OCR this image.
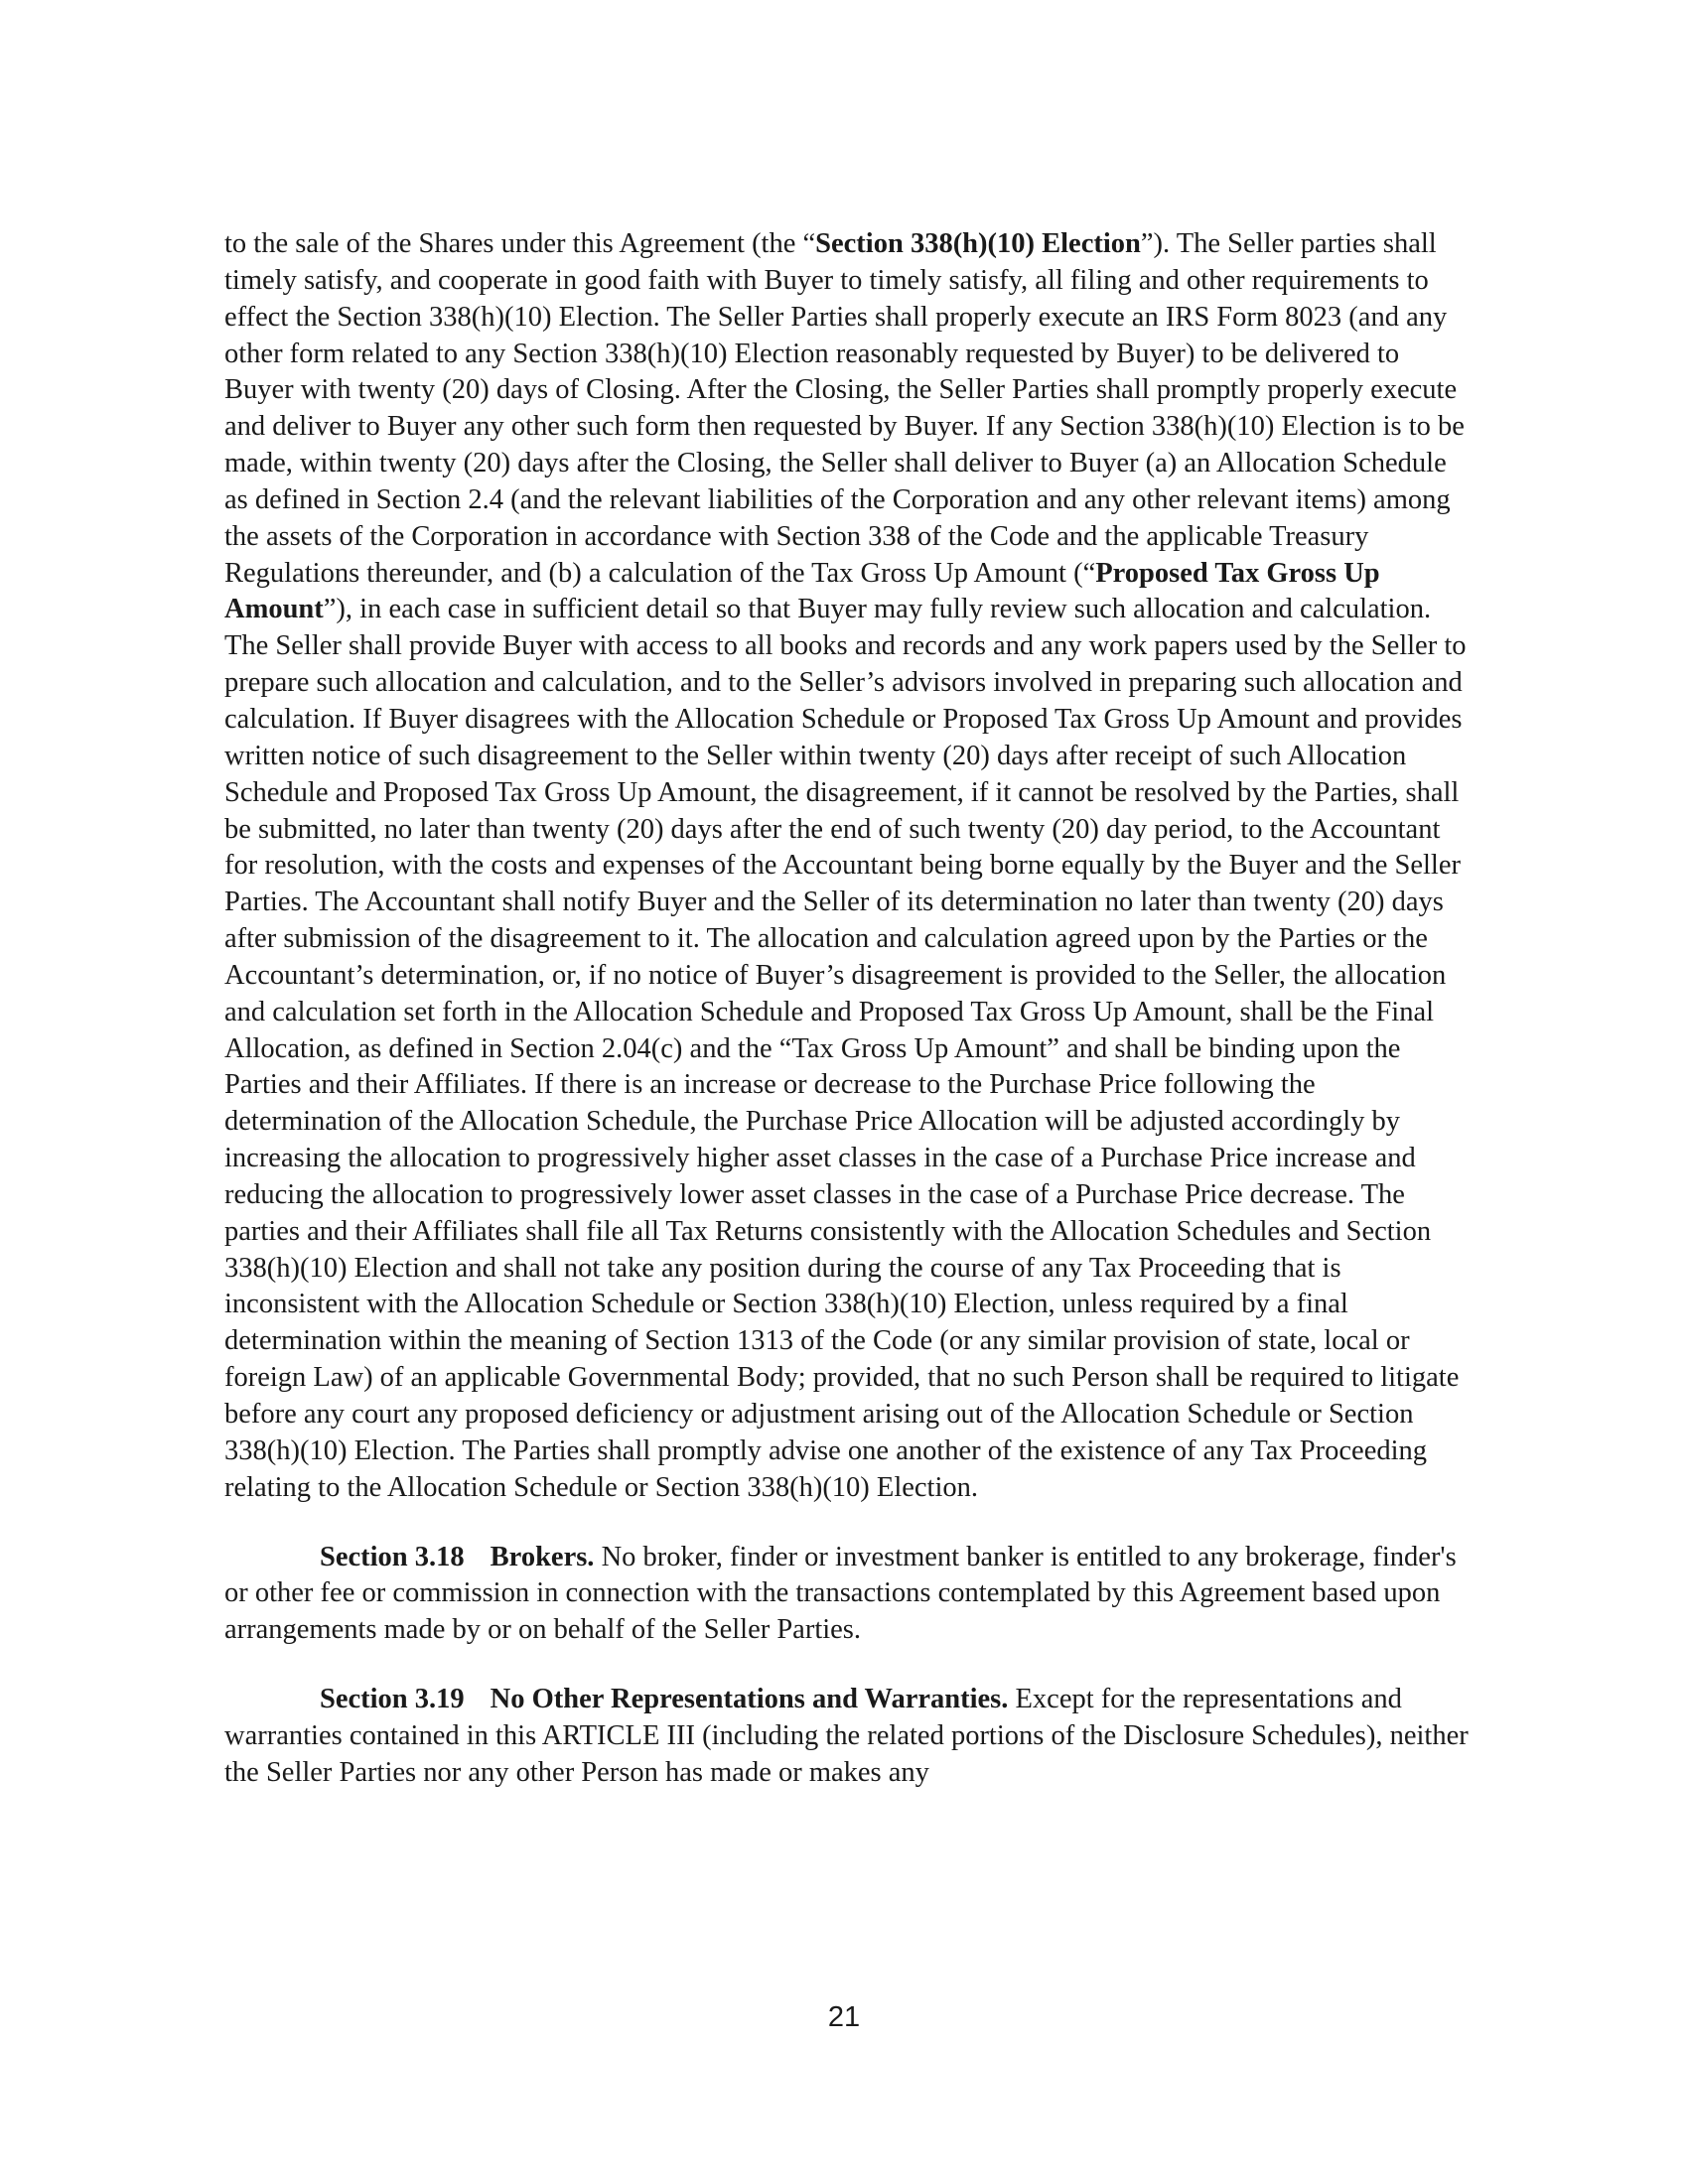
to the sale of the Shares under this Agreement (the “Section 338(h)(10) Election”). The Seller parties shall timely satisfy, and cooperate in good faith with Buyer to timely satisfy, all filing and other requirements to effect the Section 338(h)(10) Election. The Seller Parties shall properly execute an IRS Form 8023 (and any other form related to any Section 338(h)(10) Election reasonably requested by Buyer) to be delivered to Buyer with twenty (20) days of Closing. After the Closing, the Seller Parties shall promptly properly execute and deliver to Buyer any other such form then requested by Buyer. If any Section 338(h)(10) Election is to be made, within twenty (20) days after the Closing, the Seller shall deliver to Buyer (a) an Allocation Schedule as defined in Section 2.4 (and the relevant liabilities of the Corporation and any other relevant items) among the assets of the Corporation in accordance with Section 338 of the Code and the applicable Treasury Regulations thereunder, and (b) a calculation of the Tax Gross Up Amount (“Proposed Tax Gross Up Amount”), in each case in sufficient detail so that Buyer may fully review such allocation and calculation. The Seller shall provide Buyer with access to all books and records and any work papers used by the Seller to prepare such allocation and calculation, and to the Seller’s advisors involved in preparing such allocation and calculation. If Buyer disagrees with the Allocation Schedule or Proposed Tax Gross Up Amount and provides written notice of such disagreement to the Seller within twenty (20) days after receipt of such Allocation Schedule and Proposed Tax Gross Up Amount, the disagreement, if it cannot be resolved by the Parties, shall be submitted, no later than twenty (20) days after the end of such twenty (20) day period, to the Accountant for resolution, with the costs and expenses of the Accountant being borne equally by the Buyer and the Seller Parties. The Accountant shall notify Buyer and the Seller of its determination no later than twenty (20) days after submission of the disagreement to it. The allocation and calculation agreed upon by the Parties or the Accountant’s determination, or, if no notice of Buyer’s disagreement is provided to the Seller, the allocation and calculation set forth in the Allocation Schedule and Proposed Tax Gross Up Amount, shall be the Final Allocation, as defined in Section 2.04(c) and the “Tax Gross Up Amount” and shall be binding upon the Parties and their Affiliates. If there is an increase or decrease to the Purchase Price following the determination of the Allocation Schedule, the Purchase Price Allocation will be adjusted accordingly by increasing the allocation to progressively higher asset classes in the case of a Purchase Price increase and reducing the allocation to progressively lower asset classes in the case of a Purchase Price decrease. The parties and their Affiliates shall file all Tax Returns consistently with the Allocation Schedules and Section 338(h)(10) Election and shall not take any position during the course of any Tax Proceeding that is inconsistent with the Allocation Schedule or Section 338(h)(10) Election, unless required by a final determination within the meaning of Section 1313 of the Code (or any similar provision of state, local or foreign Law) of an applicable Governmental Body; provided, that no such Person shall be required to litigate before any court any proposed deficiency or adjustment arising out of the Allocation Schedule or Section 338(h)(10) Election. The Parties shall promptly advise one another of the existence of any Tax Proceeding relating to the Allocation Schedule or Section 338(h)(10) Election.

Section 3.18 Brokers. No broker, finder or investment banker is entitled to any brokerage, finder's or other fee or commission in connection with the transactions contemplated by this Agreement based upon arrangements made by or on behalf of the Seller Parties.

Section 3.19 No Other Representations and Warranties. Except for the representations and warranties contained in this ARTICLE III (including the related portions of the Disclosure Schedules), neither the Seller Parties nor any other Person has made or makes any

21
